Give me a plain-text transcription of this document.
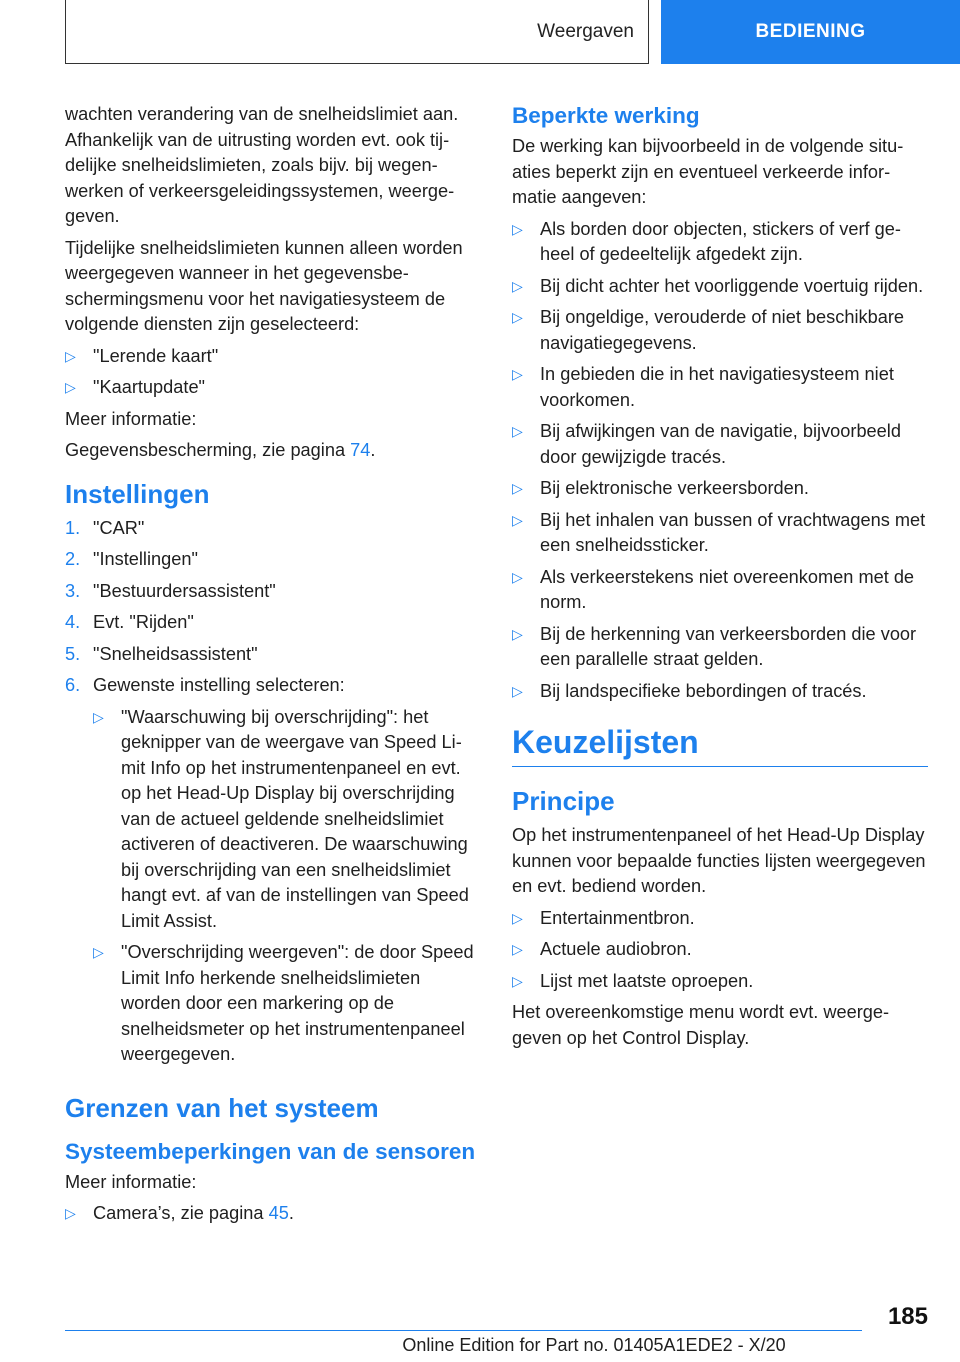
Weergaven	BEDIENING

wachten verandering van de snelheidslimiet aan. Afhankelijk van de uitrusting worden evt. ook tijdelijke snelheidslimieten, zoals bijv. bij wegenwerken of verkeersgeleidingssystemen, weergegeven.

Tijdelijke snelheidslimieten kunnen alleen worden weergegeven wanneer in het gegevensbeschermingsmenu voor het navigatiesysteem de volgende diensten zijn geselecteerd:

▷ "Lerende kaart"
▷ "Kaartupdate"

Meer informatie:

Gegevensbescherming, zie pagina 74.

Instellingen
1. "CAR"
2. "Instellingen"
3. "Bestuurdersassistent"
4. Evt. "Rijden"
5. "Snelheidsassistent"
6. Gewenste instelling selecteren:
▷ "Waarschuwing bij overschrijding": het geknipper van de weergave van Speed Limit Info op het instrumentenpaneel en evt. op het Head-Up Display bij overschrijding van de actueel geldende snelheidslimiet activeren of deactiveren. De waarschuwing bij overschrijding van een snelheidslimiet hangt evt. af van de instellingen van Speed Limit Assist.
▷ "Overschrijding weergeven": de door Speed Limit Info herkende snelheidslimieten worden door een markering op de snelheidsmeter op het instrumentenpaneel weergegeven.
Grenzen van het systeem
Systeembeperkingen van de sensoren

Meer informatie:

▷ Camera’s, zie pagina 45.
Beperkte werking

De werking kan bijvoorbeeld in de volgende situaties beperkt zijn en eventueel verkeerde informatie aangeven:

▷ Als borden door objecten, stickers of verf geheel of gedeeltelijk afgedekt zijn.
▷ Bij dicht achter het voorliggende voertuig rijden.
▷ Bij ongeldige, verouderde of niet beschikbare navigatiegegevens.
▷ In gebieden die in het navigatiesysteem niet voorkomen.
▷ Bij afwijkingen van de navigatie, bijvoorbeeld door gewijzigde tracés.
▷ Bij elektronische verkeersborden.
▷ Bij het inhalen van bussen of vrachtwagens met een snelheidssticker.
▷ Als verkeerstekens niet overeenkomen met de norm.
▷ Bij de herkenning van verkeersborden die voor een parallelle straat gelden.
▷ Bij landspecifieke bebordingen of tracés.
Keuzelijsten
Principe

Op het instrumentenpaneel of het Head-Up Display kunnen voor bepaalde functies lijsten weergegeven en evt. bediend worden.

▷ Entertainmentbron.
▷ Actuele audiobron.
▷ Lijst met laatste oproepen.

Het overeenkomstige menu wordt evt. weergegeven op het Control Display.

185
Online Edition for Part no. 01405A1EDE2 - X/20
